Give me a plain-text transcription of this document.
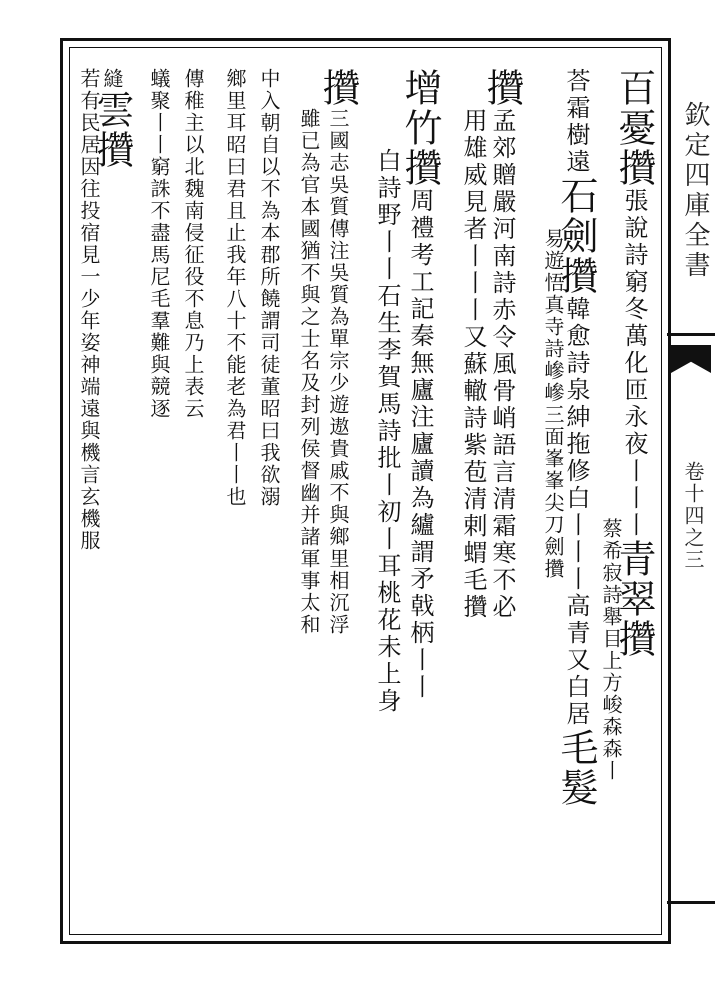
百憂攢張說詩窮冬萬化匝永夜丨丨丨青翠攢
蔡希寂詩舉目上方峻森森丨
荅霜樹遠石劍攢韓愈詩泉紳拖修白丨丨丨高青又白居毛髮
易遊悟真寺詩㠁㠁三面峯峯尖刀劍攢
攢孟郊贈嚴河南詩赤令風骨峭語言清霜寒不必
用雄威見者丨丨丨又蘇轍詩紫苞清剌蝟毛攢
增竹攢周禮考工記秦無廬注廬讀為纑謂矛戟柄丨丨
白詩野丨丨石生李賀馬詩批丨初丨耳桃花未上身
攢三國志吳質傳注吳質為單宗少遊遨貴戚不與鄉里相沉浮
雖已為官本國猶不與之士名及封列侯督幽并諸軍事太和
中入朝自以不為本郡所饒謂司徒董昭曰我欲溺
鄉里耳昭曰君且止我年八十不能老為君丨丨也
傳稚主以北魏南侵征役不息乃上表云
蟻聚丨丨窮誅不盡馬尼毛羣難與競逐
縫雲攢
若有民居因往投宿見一少年姿神端遠與機言玄機服	欽定四庫全書
卷十四之三
